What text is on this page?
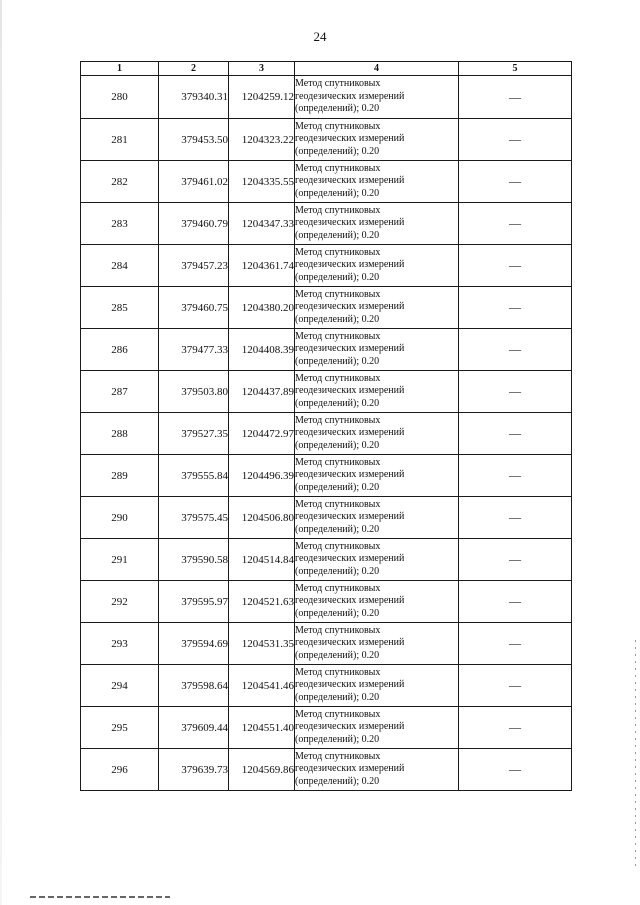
24
1	2	3	4	5
280	379340.31	1204259.12	Метод спутниковых
геодезических измерений
(определений); 0.20	—
281	379453.50	1204323.22	Метод спутниковых
геодезических измерений
(определений); 0.20	—
282	379461.02	1204335.55	Метод спутниковых
геодезических измерений
(определений); 0.20	—
283	379460.79	1204347.33	Метод спутниковых
геодезических измерений
(определений); 0.20	—
284	379457.23	1204361.74	Метод спутниковых
геодезических измерений
(определений); 0.20	—
285	379460.75	1204380.20	Метод спутниковых
геодезических измерений
(определений); 0.20	—
286	379477.33	1204408.39	Метод спутниковых
геодезических измерений
(определений); 0.20	—
287	379503.80	1204437.89	Метод спутниковых
геодезических измерений
(определений); 0.20	—
288	379527.35	1204472.97	Метод спутниковых
геодезических измерений
(определений); 0.20	—
289	379555.84	1204496.39	Метод спутниковых
геодезических измерений
(определений); 0.20	—
290	379575.45	1204506.80	Метод спутниковых
геодезических измерений
(определений); 0.20	—
291	379590.58	1204514.84	Метод спутниковых
геодезических измерений
(определений); 0.20	—
292	379595.97	1204521.63	Метод спутниковых
геодезических измерений
(определений); 0.20	—
293	379594.69	1204531.35	Метод спутниковых
геодезических измерений
(определений); 0.20	—
294	379598.64	1204541.46	Метод спутниковых
геодезических измерений
(определений); 0.20	—
295	379609.44	1204551.40	Метод спутниковых
геодезических измерений
(определений); 0.20	—
296	379639.73	1204569.86	Метод спутниковых
геодезических измерений
(определений); 0.20	—
